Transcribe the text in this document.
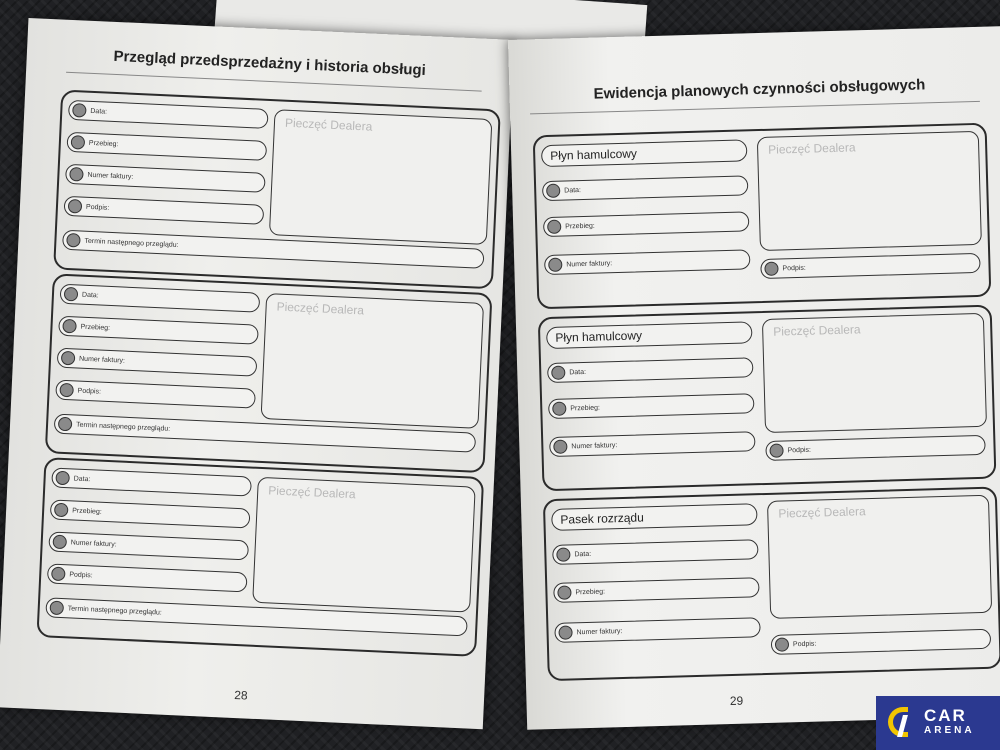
Przegląd przedsprzedażny i historia obsługi
Data:
Przebieg:
Numer faktury:
Podpis:
Termin następnego przeglądu:
Pieczęć Dealera
Data:
Przebieg:
Numer faktury:
Podpis:
Termin następnego przeglądu:
Pieczęć Dealera
Data:
Przebieg:
Numer faktury:
Podpis:
Termin następnego przeglądu:
Pieczęć Dealera
28
Ewidencja planowych czynności obsługowych
Płyn hamulcowy
Data:
Przebieg:
Numer faktury:
Pieczęć Dealera
Podpis:
Płyn hamulcowy
Data:
Przebieg:
Numer faktury:
Pieczęć Dealera
Podpis:
Pasek rozrządu
Data:
Przebieg:
Numer faktury:
Pieczęć Dealera
Podpis:
29
CAR
ARENA
